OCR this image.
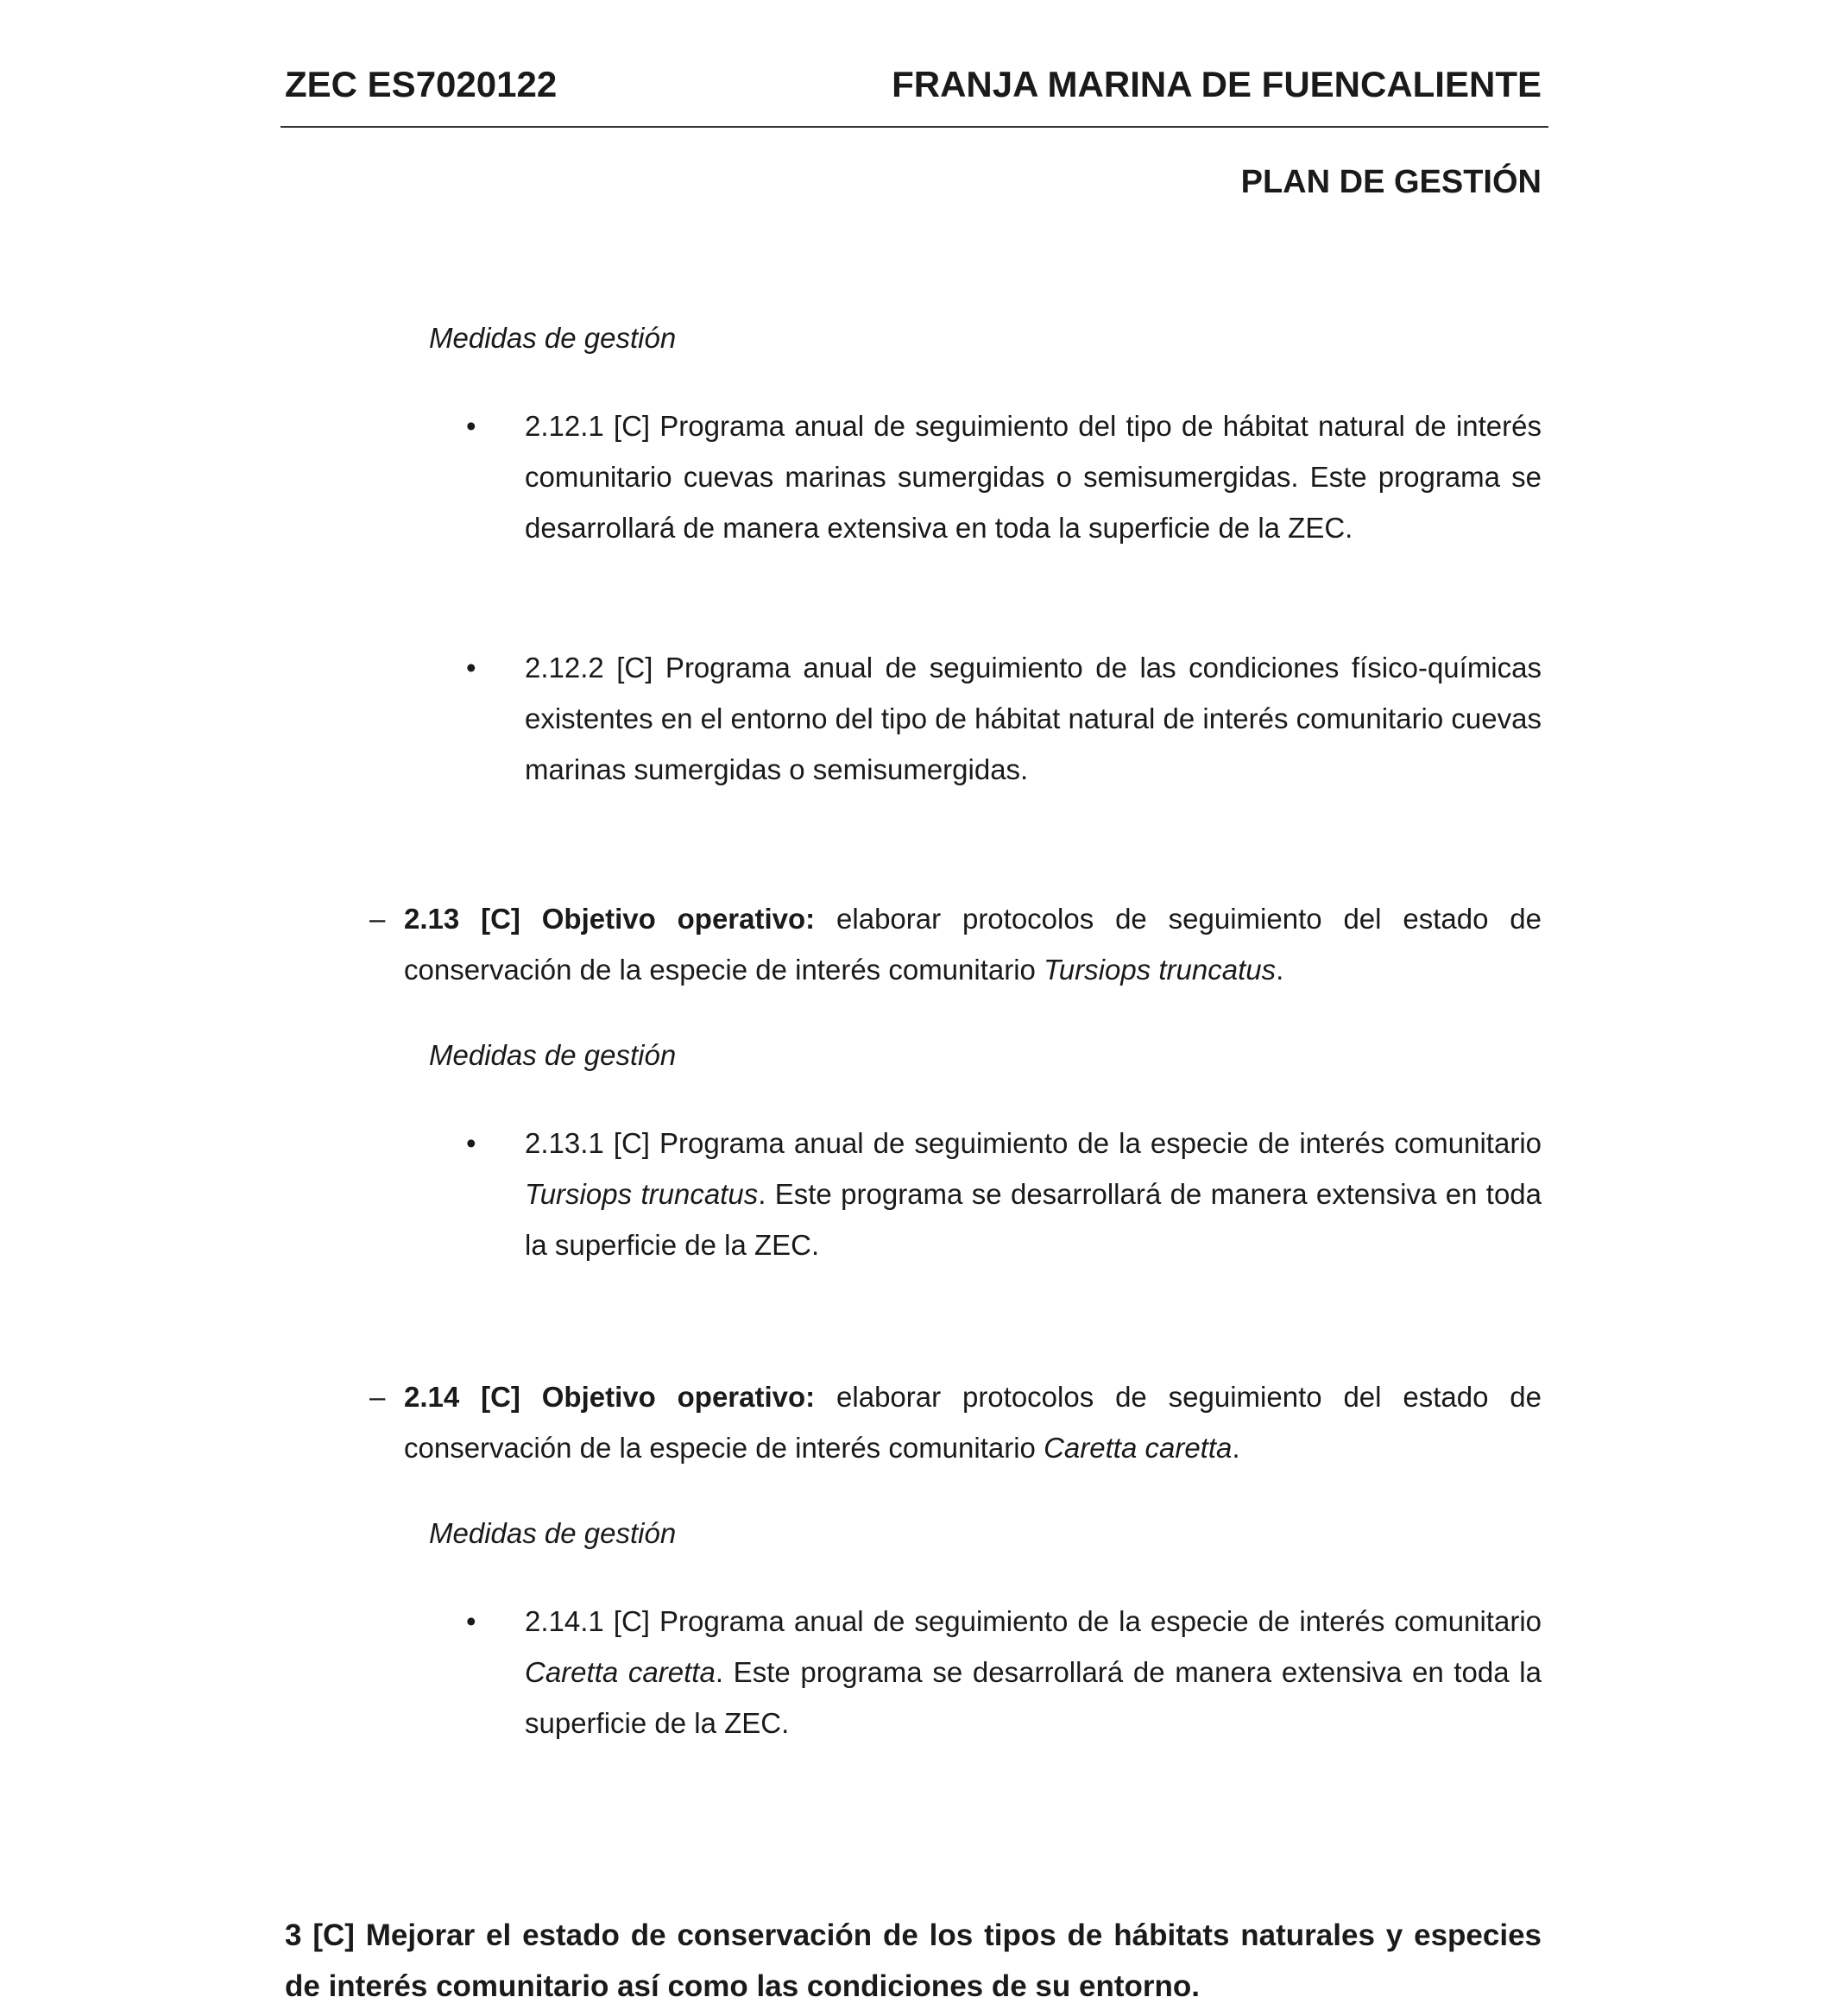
ZEC ES7020122	FRANJA MARINA DE FUENCALIENTE
PLAN DE GESTIÓN
Medidas de gestión
• 2.12.1 [C] Programa anual de seguimiento del tipo de hábitat natural de interés comunitario cuevas marinas sumergidas o semisumergidas. Este programa se desarrollará de manera extensiva en toda la superficie de la ZEC.
• 2.12.2 [C] Programa anual de seguimiento de las condiciones físico-químicas existentes en el entorno del tipo de hábitat natural de interés comunitario cuevas marinas sumergidas o semisumergidas.
– 2.13 [C] Objetivo operativo: elaborar protocolos de seguimiento del estado de conservación de la especie de interés comunitario Tursiops truncatus.
Medidas de gestión
• 2.13.1 [C] Programa anual de seguimiento de la especie de interés comunitario Tursiops truncatus. Este programa se desarrollará de manera extensiva en toda la superficie de la ZEC.
– 2.14 [C] Objetivo operativo: elaborar protocolos de seguimiento del estado de conservación de la especie de interés comunitario Caretta caretta.
Medidas de gestión
• 2.14.1 [C] Programa anual de seguimiento de la especie de interés comunitario Caretta caretta. Este programa se desarrollará de manera extensiva en toda la superficie de la ZEC.
3 [C] Mejorar el estado de conservación de los tipos de hábitats naturales y especies de interés comunitario así como las condiciones de su entorno.
